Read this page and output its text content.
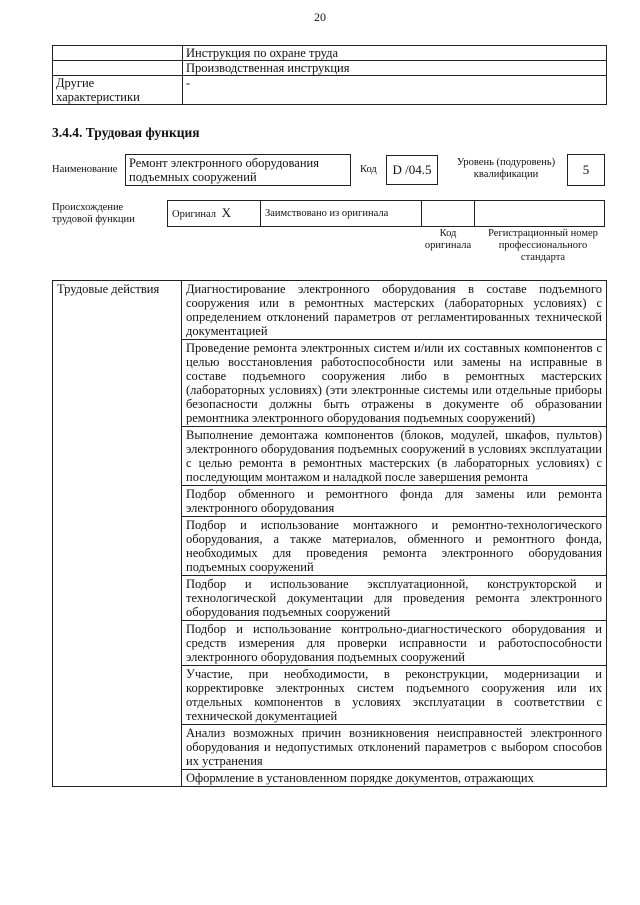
20
	Инструкция по охране труда
	Производственная инструкция
Другие характеристики	-
3.4.4. Трудовая функция
Наименование Ремонт электронного оборудования подъемных сооружений
Код	D /04.5	Уровень (подуровень) квалификации	5
Происхождение трудовой функции	Оригинал X	Заимствовано из оригинала		
Код оригинала
Регистрационный номер профессионального стандарта
Трудовые действия	Диагностирование электронного оборудования в составе подъемного сооружения или в ремонтных мастерских (лабораторных условиях) с определением отклонений параметров от регламентированных технической документацией
Проведение ремонта электронных систем и/или их составных компонентов с целью восстановления работоспособности или замены на исправные в составе подъемного сооружения либо в ремонтных мастерских (лабораторных условиях) (эти электронные системы или отдельные приборы безопасности должны быть отражены в документе об образовании ремонтника электронного оборудования подъемных сооружений)
Выполнение демонтажа компонентов (блоков, модулей, шкафов, пультов) электронного оборудования подъемных сооружений в условиях эксплуатации с целью ремонта в ремонтных мастерских (в лабораторных условиях) с последующим монтажом и наладкой после завершения ремонта
Подбор обменного и ремонтного фонда для замены или ремонта электронного оборудования
Подбор и использование монтажного и ремонтно-технологического оборудования, а также материалов, обменного и ремонтного фонда, необходимых для проведения ремонта электронного оборудования подъемных сооружений
Подбор и использование эксплуатационной, конструкторской и технологической документации для проведения ремонта электронного оборудования подъемных сооружений
Подбор и использование контрольно-диагностического оборудования и средств измерения для проверки исправности и работоспособности электронного оборудования подъемных сооружений
Участие, при необходимости, в реконструкции, модернизации и корректировке электронных систем подъемного сооружения или их отдельных компонентов в условиях эксплуатации в соответствии с технической документацией
Анализ возможных причин возникновения неисправностей электронного оборудования и недопустимых отклонений параметров с выбором способов их устранения
Оформление в установленном порядке документов, отражающих
